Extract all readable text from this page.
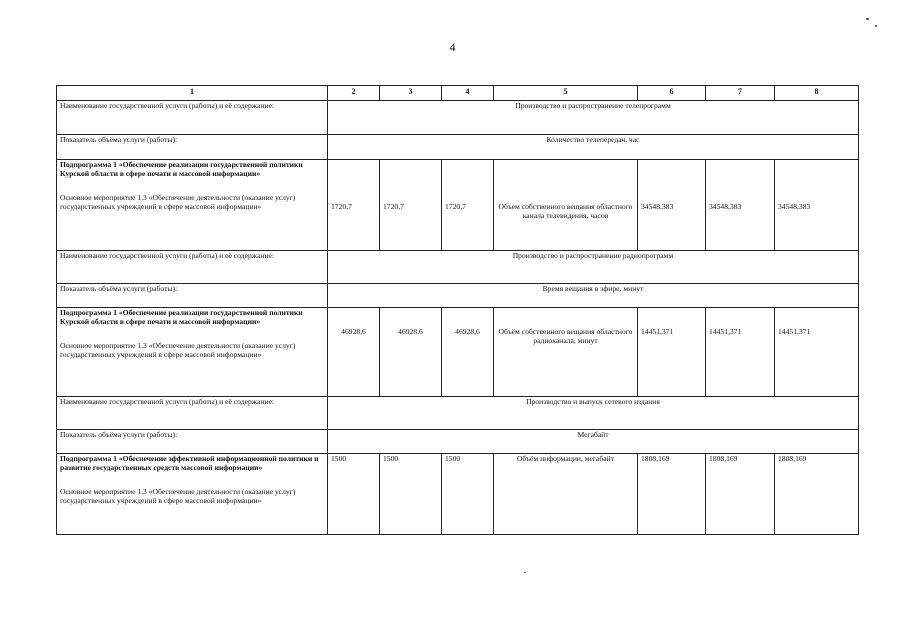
4
1	2	3	4	5	6	7	8
Наименование государственной услуги (работы) и её содержание:	Производство и распространение телепрограмм						
Показатель объёма услуги (работы):	Количество телепередач, час						

Подпрограмма 1 «Обеспечение реализации государственной политики Курской области в сфере печати и массовой информации»
Основное мероприятие 1.3 «Обеспечение деятельности (оказание услуг) государственных учреждений в сфере массовой информации»	1720,7	1720,7	1720,7	Объем собственного вещания областного канала телевидения, часов	34548,383	34548,383	34548,383
Наименование государственной услуги (работы) и её содержание:	Производство и распространение радиопрограмм						
Показатель объёма услуги (работы):	Время вещания в эфире, минут						

Подпрограмма 1 «Обеспечение реализации государственной политики Курской области в сфере печати и массовой информации»
Основное мероприятие 1.3 «Обеспечение деятельности (оказание услуг) государственных учреждений в сфере массовой информации»	46928,6	46928,6	46928,6	Объём собственного вещания областного радиоканала, минут	14451,371	14451,371	14451,371
Наименование государственной услуги (работы) и её содержание:	Производство и выпуск сетевого издания						
Показатель объёма услуги (работы):	Мегабайт						

Подпрограмма 1 «Обеспечение эффективной информационной политики и развитие государственных средств массовой информации»
Основное мероприятие 1.3 «Обеспечение деятельности (оказание услуг) государственных учреждений в сфере массовой информации»	1500	1500	1500	Объём информации, мегабайт	1808,169	1808,169	1808,169
